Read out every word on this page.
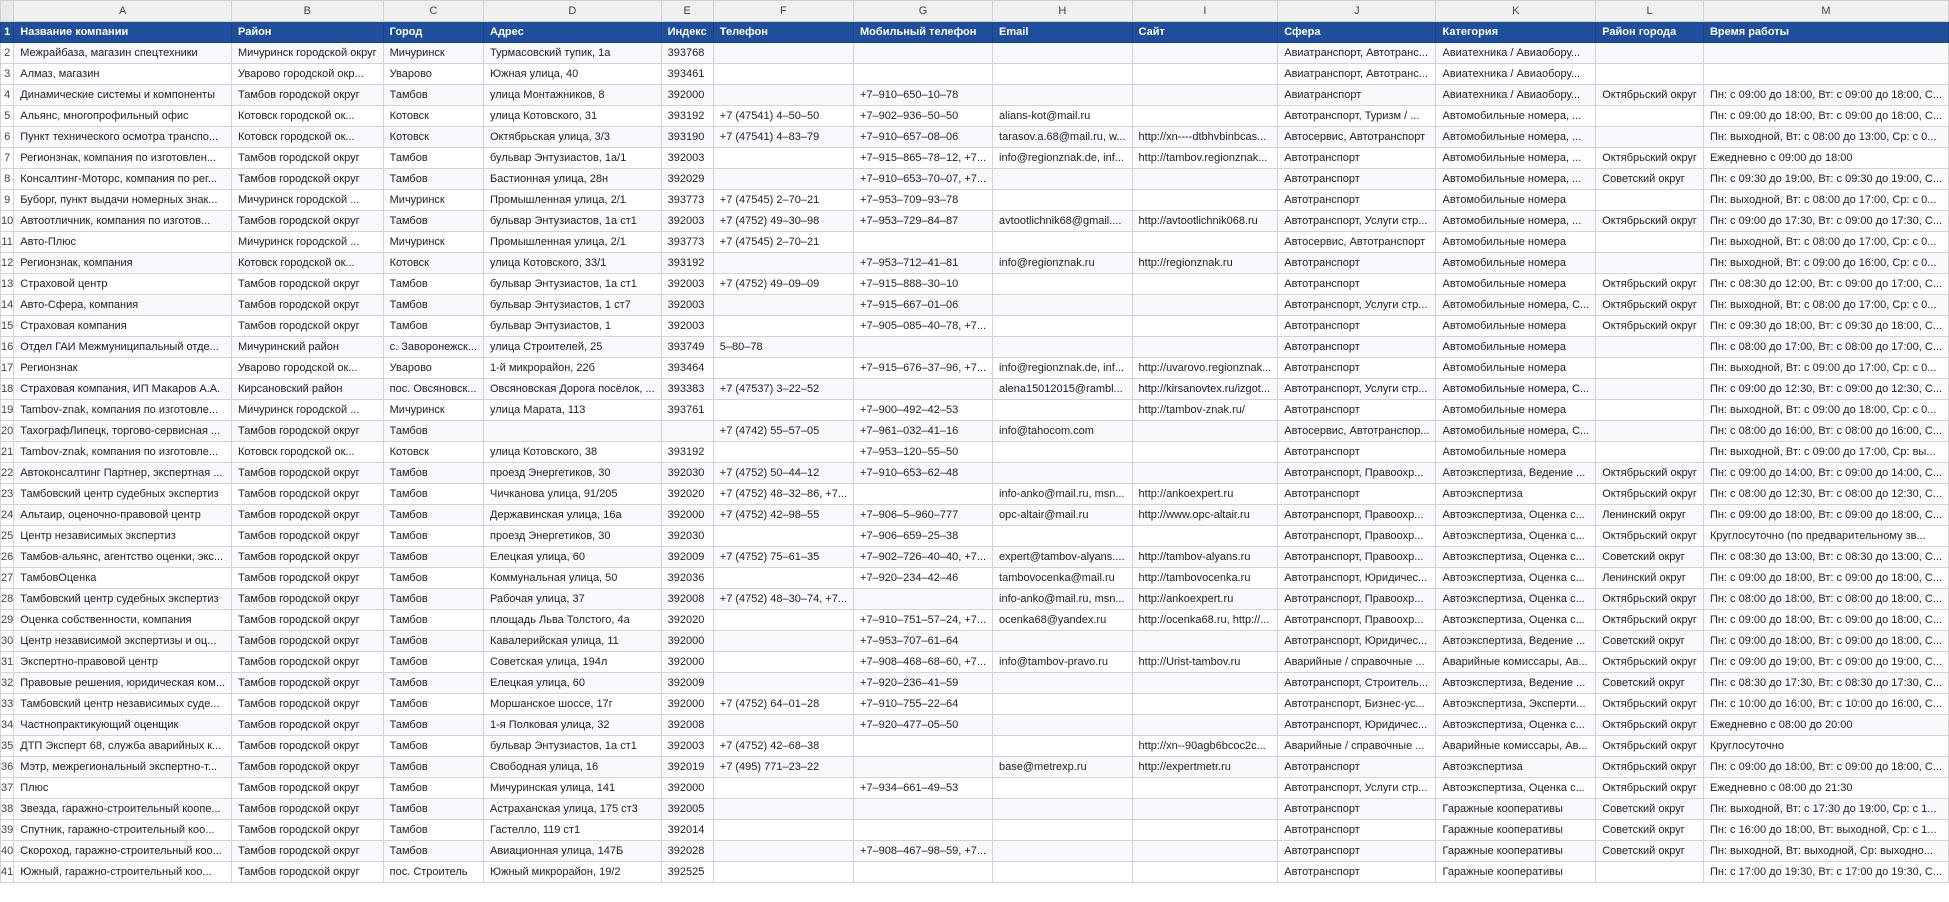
	A	B	C	D	E	F	G	H	I	J	K	L	M
1	Название компании	Район	Город	Адрес	Индекс	Телефон	Мобильный телефон	Email	Сайт	Сфера	Категория	Район города	Время работы
2	Межрайбаза, магазин спецтехники	Мичуринск городской округ	Мичуринск	Турмасовский тупик, 1а	393768					Авиатранспорт, Автотранс...	Авиатехника / Авиаобору...		
3	Алмаз, магазин	Уварово городской окр...	Уварово	Южная улица, 40	393461					Авиатранспорт, Автотранс...	Авиатехника / Авиаобору...		
4	Динамические системы и компоненты	Тамбов городской округ	Тамбов	улица Монтажников, 8	392000		+7–910–650–10–78			Авиатранспорт	Авиатехника / Авиаобору...	Октябрьский округ	Пн: с 09:00 до 18:00, Вт: с 09:00 до 18:00, С...
5	Альянс, многопрофильный офис	Котовск городской ок...	Котовск	улица Котовского, 31	393192	+7 (47541) 4–50–50	+7–902–936–50–50	alians-kot@mail.ru		Автотранспорт, Туризм / ...	Автомобильные номера, ...		Пн: с 09:00 до 18:00, Вт: с 09:00 до 18:00, С...
6	Пункт технического осмотра транспо...	Котовск городской ок...	Котовск	Октябрьская улица, 3/3	393190	+7 (47541) 4–83–79	+7–910–657–08–06	tarasov.a.68@mail.ru, w...	http://xn----dtbhvbinbcas...	Автосервис, Автотранспорт	Автомобильные номера, ...		Пн: выходной, Вт: с 08:00 до 13:00, Ср: с 0...
7	Регионзнак, компания по изготовлен...	Тамбов городской округ	Тамбов	бульвар Энтузиастов, 1а/1	392003		+7–915–865–78–12, +7...	info@regionznak.de, inf...	http://tambov.regionznak...	Автотранспорт	Автомобильные номера, ...	Октябрьский округ	Ежедневно с 09:00 до 18:00
8	Консалтинг-Моторс, компания по рег...	Тамбов городской округ	Тамбов	Бастионная улица, 28н	392029		+7–910–653–70–07, +7...			Автотранспорт	Автомобильные номера, ...	Советский округ	Пн: с 09:30 до 19:00, Вт: с 09:30 до 19:00, С...
9	Буборг, пункт выдачи номерных знак...	Мичуринск городской ...	Мичуринск	Промышленная улица, 2/1	393773	+7 (47545) 2–70–21	+7–953–709–93–78			Автотранспорт	Автомобильные номера		Пн: выходной, Вт: с 08:00 до 17:00, Ср: с 0...
10	Автоотличник, компания по изготов...	Тамбов городской округ	Тамбов	бульвар Энтузиастов, 1а ст1	392003	+7 (4752) 49–30–98	+7–953–729–84–87	avtootlichnik68@gmail....	http://avtootlichnik068.ru	Автотранспорт, Услуги стр...	Автомобильные номера, ...	Октябрьский округ	Пн: с 09:00 до 17:30, Вт: с 09:00 до 17:30, С...
11	Авто-Плюс	Мичуринск городской ...	Мичуринск	Промышленная улица, 2/1	393773	+7 (47545) 2–70–21				Автосервис, Автотранспорт	Автомобильные номера		Пн: выходной, Вт: с 08:00 до 17:00, Ср: с 0...
12	Регионзнак, компания	Котовск городской ок...	Котовск	улица Котовского, 33/1	393192		+7–953–712–41–81	info@regionznak.ru	http://regionznak.ru	Автотранспорт	Автомобильные номера		Пн: выходной, Вт: с 09:00 до 16:00, Ср: с 0...
13	Страховой центр	Тамбов городской округ	Тамбов	бульвар Энтузиастов, 1а ст1	392003	+7 (4752) 49–09–09	+7–915–888–30–10			Автотранспорт	Автомобильные номера	Октябрьский округ	Пн: с 08:30 до 12:00, Вт: с 09:00 до 17:00, С...
14	Авто-Сфера, компания	Тамбов городской округ	Тамбов	бульвар Энтузиастов, 1 ст7	392003		+7–915–667–01–06			Автотранспорт, Услуги стр...	Автомобильные номера, С...	Октябрьский округ	Пн: выходной, Вт: с 08:00 до 17:00, Ср: с 0...
15	Страховая компания	Тамбов городской округ	Тамбов	бульвар Энтузиастов, 1	392003		+7–905–085–40–78, +7...			Автотранспорт	Автомобильные номера	Октябрьский округ	Пн: с 09:30 до 18:00, Вт: с 09:30 до 18:00, С...
16	Отдел ГАИ Межмуниципальный отде...	Мичуринский район	с. Заворонежск...	улица Строителей, 25	393749	5–80–78				Автотранспорт	Автомобильные номера		Пн: с 08:00 до 17:00, Вт: с 08:00 до 17:00, С...
17	Регионзнак	Уварово городской ок...	Уварово	1-й микрорайон, 22б	393464		+7–915–676–37–96, +7...	info@regionznak.de, inf...	http://uvarovo.regionznak...	Автотранспорт	Автомобильные номера		Пн: выходной, Вт: с 09:00 до 17:00, Ср: с 0...
18	Страховая компания, ИП Макаров А.А.	Кирсановский район	пос. Овсяновск...	Овсяновская Дорога посёлок, ...	393383	+7 (47537) 3–22–52		alena15012015@rambl...	http://kirsanovtex.ru/izgot...	Автотранспорт, Услуги стр...	Автомобильные номера, С...		Пн: с 09:00 до 12:30, Вт: с 09:00 до 12:30, С...
19	Tambov-znak, компания по изготовле...	Мичуринск городской ...	Мичуринск	улица Марата, 113	393761		+7–900–492–42–53		http://tambov-znak.ru/	Автотранспорт	Автомобильные номера		Пн: выходной, Вт: с 09:00 до 18:00, Ср: с 0...
20	ТахографЛипецк, торгово-сервисная ...	Тамбов городской округ	Тамбов			+7 (4742) 55–57–05	+7–961–032–41–16	info@tahocom.com		Автосервис, Автотранспор...	Автомобильные номера, С...		Пн: с 08:00 до 16:00, Вт: с 08:00 до 16:00, С...
21	Tambov-znak, компания по изготовле...	Котовск городской ок...	Котовск	улица Котовского, 38	393192		+7–953–120–55–50			Автотранспорт	Автомобильные номера		Пн: выходной, Вт: с 09:00 до 17:00, Ср: вы...
22	Автоконсалтинг Партнер, экспертная ...	Тамбов городской округ	Тамбов	проезд Энергетиков, 30	392030	+7 (4752) 50–44–12	+7–910–653–62–48			Автотранспорт, Правоохр...	Автоэкспертиза, Ведение ...	Октябрьский округ	Пн: с 09:00 до 14:00, Вт: с 09:00 до 14:00, С...
23	Тамбовский центр судебных экспертиз	Тамбов городской округ	Тамбов	Чичканова улица, 91/205	392020	+7 (4752) 48–32–86, +7...		info-anko@mail.ru, msn...	http://ankoexpert.ru	Автотранспорт	Автоэкспертиза	Октябрьский округ	Пн: с 08:00 до 12:30, Вт: с 08:00 до 12:30, С...
24	Альтаир, оценочно-правовой центр	Тамбов городской округ	Тамбов	Державинская улица, 16а	392000	+7 (4752) 42–98–55	+7–906–5–960–777	opc-altair@mail.ru	http://www.opc-altair.ru	Автотранспорт, Правоохр...	Автоэкспертиза, Оценка с...	Ленинский округ	Пн: с 09:00 до 18:00, Вт: с 09:00 до 18:00, С...
25	Центр независимых экспертиз	Тамбов городской округ	Тамбов	проезд Энергетиков, 30	392030		+7–906–659–25–38			Автотранспорт, Правоохр...	Автоэкспертиза, Оценка с...	Октябрьский округ	Круглосуточно (по предварительному зв...
26	Тамбов-альянс, агентство оценки, экс...	Тамбов городской округ	Тамбов	Елецкая улица, 60	392009	+7 (4752) 75–61–35	+7–902–726–40–40, +7...	expert@tambov-alyans....	http://tambov-alyans.ru	Автотранспорт, Правоохр...	Автоэкспертиза, Оценка с...	Советский округ	Пн: с 08:30 до 13:00, Вт: с 08:30 до 13:00, С...
27	ТамбовОценка	Тамбов городской округ	Тамбов	Коммунальная улица, 50	392036		+7–920–234–42–46	tambovocenka@mail.ru	http://tambovocenka.ru	Автотранспорт, Юридичес...	Автоэкспертиза, Оценка с...	Ленинский округ	Пн: с 09:00 до 18:00, Вт: с 09:00 до 18:00, С...
28	Тамбовский центр судебных экспертиз	Тамбов городской округ	Тамбов	Рабочая улица, 37	392008	+7 (4752) 48–30–74, +7...		info-anko@mail.ru, msn...	http://ankoexpert.ru	Автотранспорт, Правоохр...	Автоэкспертиза, Оценка с...	Октябрьский округ	Пн: с 08:00 до 18:00, Вт: с 08:00 до 18:00, С...
29	Оценка собственности, компания	Тамбов городской округ	Тамбов	площадь Льва Толстого, 4а	392020		+7–910–751–57–24, +7...	ocenka68@yandex.ru	http://ocenka68.ru, http://...	Автотранспорт, Правоохр...	Автоэкспертиза, Оценка с...	Октябрьский округ	Пн: с 09:00 до 18:00, Вт: с 09:00 до 18:00, С...
30	Центр независимой экспертизы и оц...	Тамбов городской округ	Тамбов	Кавалерийская улица, 11	392000		+7–953–707–61–64			Автотранспорт, Юридичес...	Автоэкспертиза, Ведение ...	Советский округ	Пн: с 09:00 до 18:00, Вт: с 09:00 до 18:00, С...
31	Экспертно-правовой центр	Тамбов городской округ	Тамбов	Советская улица, 194л	392000		+7–908–468–68–60, +7...	info@tambov-pravo.ru	http://Urist-tambov.ru	Аварийные / справочные ...	Аварийные комиссары, Ав...	Октябрьский округ	Пн: с 09:00 до 19:00, Вт: с 09:00 до 19:00, С...
32	Правовые решения, юридическая ком...	Тамбов городской округ	Тамбов	Елецкая улица, 60	392009		+7–920–236–41–59			Автотранспорт, Строитель...	Автоэкспертиза, Ведение ...	Советский округ	Пн: с 08:30 до 17:30, Вт: с 08:30 до 17:30, С...
33	Тамбовский центр независимых суде...	Тамбов городской округ	Тамбов	Моршанское шоссе, 17г	392000	+7 (4752) 64–01–28	+7–910–755–22–64			Автотранспорт, Бизнес-ус...	Автоэкспертиза, Эксперти...	Октябрьский округ	Пн: с 10:00 до 16:00, Вт: с 10:00 до 16:00, С...
34	Частнопрактикующий оценщик	Тамбов городской округ	Тамбов	1-я Полковая улица, 32	392008		+7–920–477–05–50			Автотранспорт, Юридичес...	Автоэкспертиза, Оценка с...	Октябрьский округ	Ежедневно с 08:00 до 20:00
35	ДТП Эксперт 68, служба аварийных к...	Тамбов городской округ	Тамбов	бульвар Энтузиастов, 1а ст1	392003	+7 (4752) 42–68–38			http://xn--90agb6bcoc2c...	Аварийные / справочные ...	Аварийные комиссары, Ав...	Октябрьский округ	Круглосуточно
36	Мэтр, межрегиональный экспертно-т...	Тамбов городской округ	Тамбов	Свободная улица, 16	392019	+7 (495) 771–23–22		base@metrexp.ru	http://expertmetr.ru	Автотранспорт	Автоэкспертиза	Октябрьский округ	Пн: с 09:00 до 18:00, Вт: с 09:00 до 18:00, С...
37	Плюс	Тамбов городской округ	Тамбов	Мичуринская улица, 141	392000		+7–934–661–49–53			Автотранспорт, Услуги стр...	Автоэкспертиза, Оценка с...	Октябрьский округ	Ежедневно с 08:00 до 21:30
38	Звезда, гаражно-строительный коопе...	Тамбов городской округ	Тамбов	Астраханская улица, 175 ст3	392005					Автотранспорт	Гаражные кооперативы	Советский округ	Пн: выходной, Вт: с 17:30 до 19:00, Ср: с 1...
39	Спутник, гаражно-строительный коо...	Тамбов городской округ	Тамбов	Гастелло, 119 ст1	392014					Автотранспорт	Гаражные кооперативы	Советский округ	Пн: с 16:00 до 18:00, Вт: выходной, Ср: с 1...
40	Скороход, гаражно-строительный коо...	Тамбов городской округ	Тамбов	Авиационная улица, 147Б	392028		+7–908–467–98–59, +7...			Автотранспорт	Гаражные кооперативы	Советский округ	Пн: выходной, Вт: выходной, Ср: выходно...
41	Южный, гаражно-строительный коо...	Тамбов городской округ	пос. Строитель	Южный микрорайон, 19/2	392525					Автотранспорт	Гаражные кооперативы		Пн: с 17:00 до 19:30, Вт: с 17:00 до 19:30, С...
